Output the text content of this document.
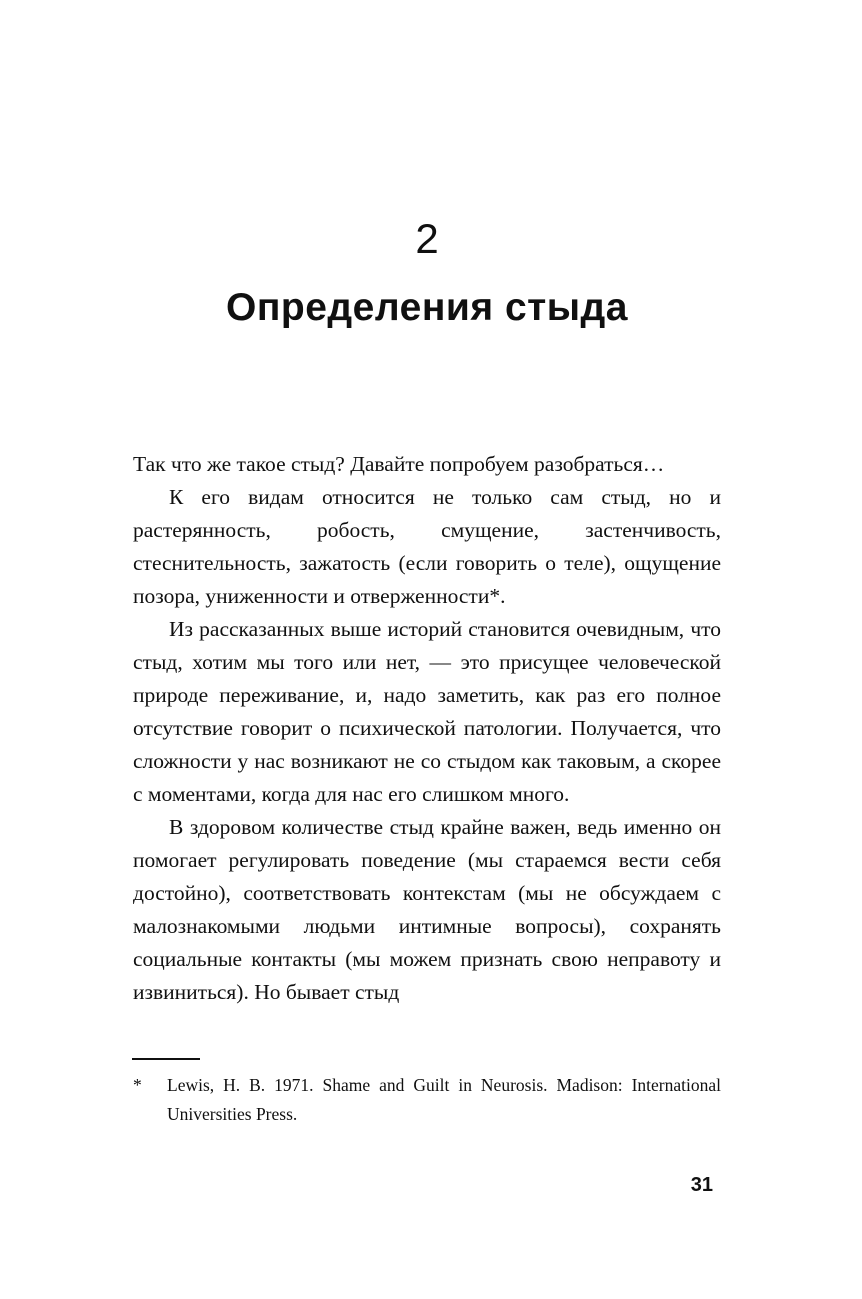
2
Определения стыда

Так что же такое стыд? Давайте попробуем разобраться…

К его видам относится не только сам стыд, но и растерянность, робость, смущение, застенчивость, стеснительность, зажатость (если говорить о теле), ощущение позора, униженности и отверженности*.

Из рассказанных выше историй становится очевидным, что стыд, хотим мы того или нет, — это присущее человеческой природе переживание, и, надо заметить, как раз его полное отсутствие говорит о психической патологии. Получается, что сложности у нас возникают не со стыдом как таковым, а скорее с моментами, когда для нас его слишком много.

В здоровом количестве стыд крайне важен, ведь именно он помогает регулировать поведение (мы стараемся вести себя достойно), соответствовать контекстам (мы не обсуждаем с малознакомыми людьми интимные вопросы), сохранять социальные контакты (мы можем признать свою неправоту и извиниться). Но бывает стыд

*	Lewis, H. B. 1971. Shame and Guilt in Neurosis. Madison: International Universities Press.
31
